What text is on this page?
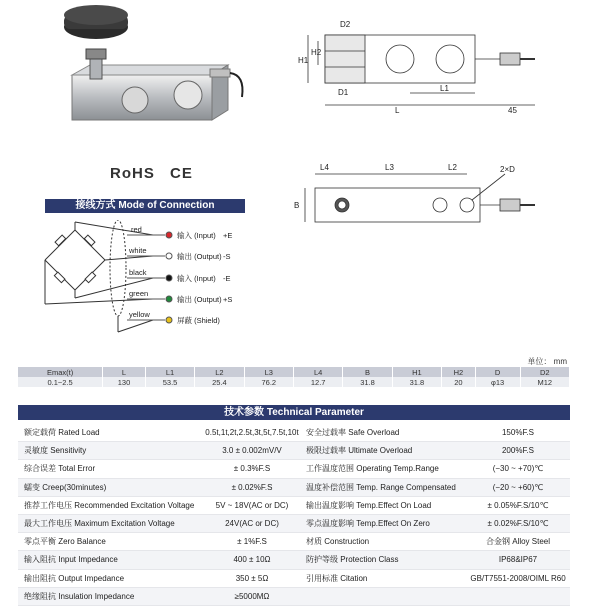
RoHS CE
接线方式 Mode of Connection
red
输入 (Input) +E
white
输出 (Output) -S
black
输入 (Input) -E
green
输出 (Output) +S
yellow
屏蔽 (Shield)
D2
H2
H1
D1	L1
L	45
L4	L3	L2	2×D
B
单位： mm
Emax(t)	L	L1	L2	L3	L4	B	H1	H2	D	D2
0.1~2.5	130	53.5	25.4	76.2	12.7	31.8	31.8	20	φ13	M12
技术参数 Technical Parameter
额定载荷 Rated Load	0.5t,1t,2t,2.5t,3t,5t,7.5t,10t 安全过载率 Safe Overload	150%F.S
灵敏度 Sensitivity	3.0 ± 0.002mV/V	极限过载率 Ultimate Overload	200%F.S
综合误差 Total Error	± 0.3%F.S	工作温度范围 Operating Temp.Range	(−30 ~ +70)℃
蠕变 Creep(30minutes)	± 0.02%F.S	温度补偿范围 Temp. Range Compensated	(−20 ~ +60)℃
推荐工作电压 Recommended Excitation Voltage	5V ~ 18V(AC or DC)	输出温度影响 Temp.Effect On Load	± 0.05%F.S/10℃
最大工作电压 Maximum Excitation Voltage	24V(AC or DC)	零点温度影响 Temp.Effect On Zero	± 0.02%F.S/10℃
零点平衡 Zero Balance	± 1%F.S	材质 Construction	合金钢 Alloy Steel
输入阻抗 Input Impedance	400 ± 10Ω	防护等级 Protection Class	IP68&IP67
输出阻抗 Output Impedance	350 ± 5Ω	引用标准 Citation	GB/T7551-2008/OIML R60
绝缘阻抗 Insulation Impedance	≥5000MΩ
